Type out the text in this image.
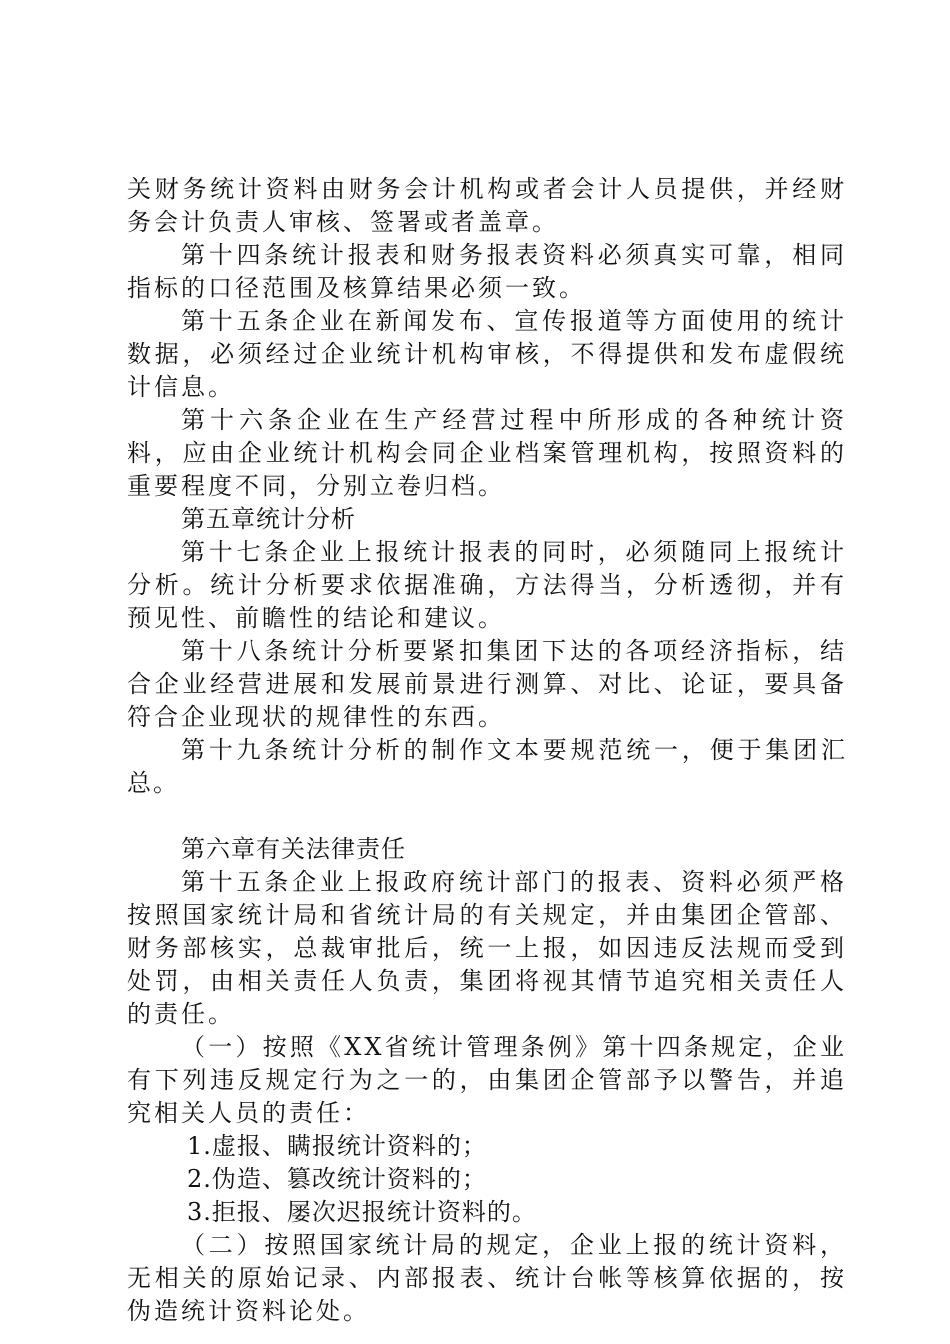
关财务统计资料由财务会计机构或者会计人员提供，并经财务会计负责人审核、签署或者盖章。

第十四条统计报表和财务报表资料必须真实可靠，相同指标的口径范围及核算结果必须一致。

第十五条企业在新闻发布、宣传报道等方面使用的统计数据，必须经过企业统计机构审核，不得提供和发布虚假统计信息。

第十六条企业在生产经营过程中所形成的各种统计资料，应由企业统计机构会同企业档案管理机构，按照资料的重要程度不同，分别立卷归档。

第五章统计分析

第十七条企业上报统计报表的同时，必须随同上报统计分析。统计分析要求依据准确，方法得当，分析透彻，并有预见性、前瞻性的结论和建议。

第十八条统计分析要紧扣集团下达的各项经济指标，结合企业经营进展和发展前景进行测算、对比、论证，要具备符合企业现状的规律性的东西。

第十九条统计分析的制作文本要规范统一，便于集团汇总。

第六章有关法律责任

第十五条企业上报政府统计部门的报表、资料必须严格按照国家统计局和省统计局的有关规定，并由集团企管部、财务部核实，总裁审批后，统一上报，如因违反法规而受到处罚，由相关责任人负责，集团将视其情节追究相关责任人的责任。

（一）按照《XX省统计管理条例》第十四条规定，企业有下列违反规定行为之一的，由集团企管部予以警告，并追究相关人员的责任：

1.虚报、瞒报统计资料的；

2.伪造、篡改统计资料的；

3.拒报、屡次迟报统计资料的。

（二）按照国家统计局的规定，企业上报的统计资料，无相关的原始记录、内部报表、统计台帐等核算依据的，按伪造统计资料论处。
